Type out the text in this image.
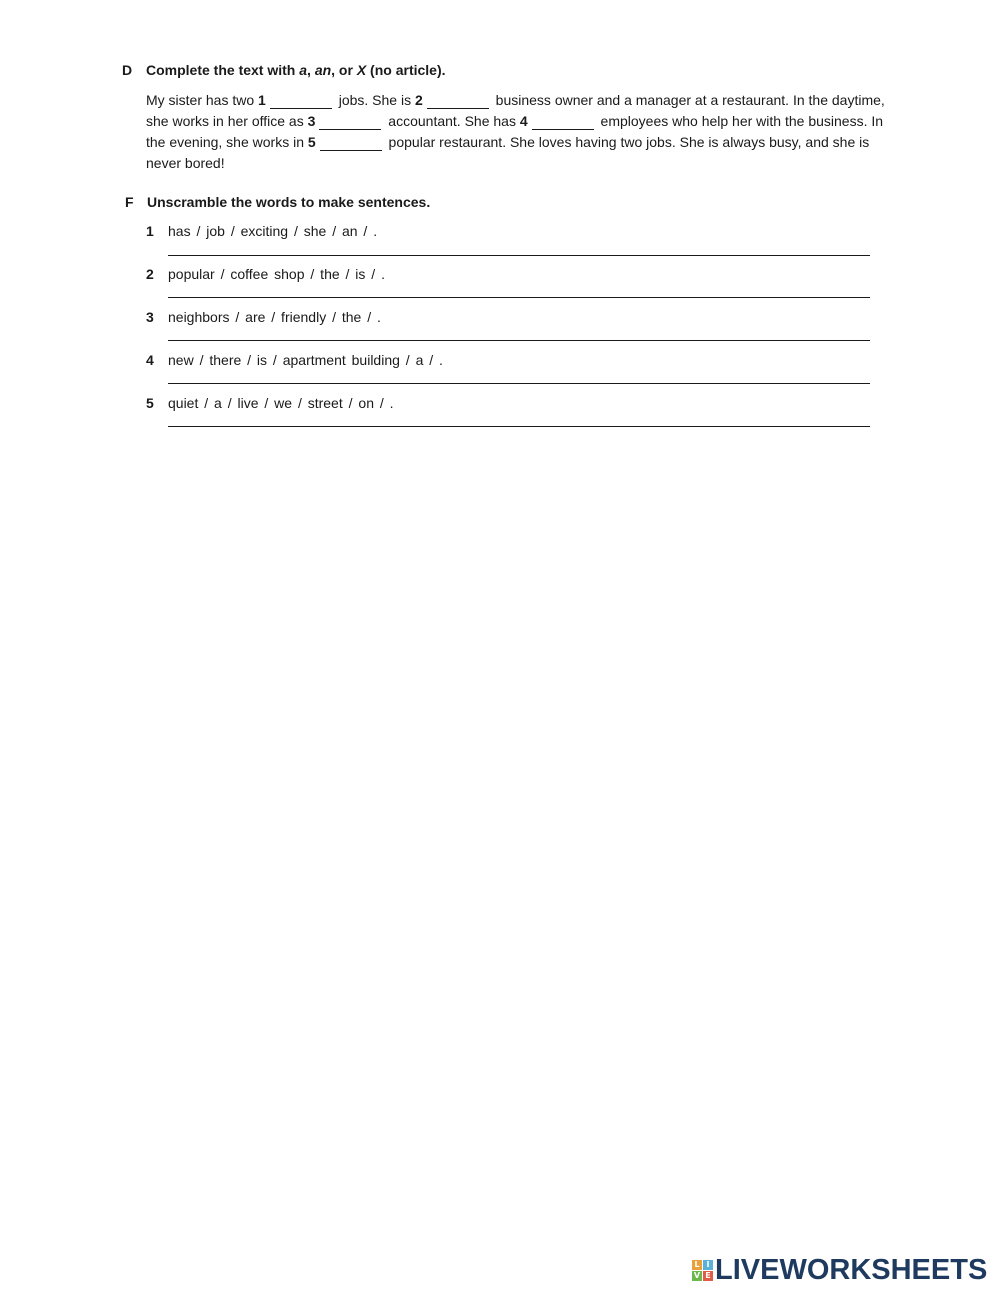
D Complete the text with a, an, or X (no article).
My sister has two 1	jobs. She is 2	business owner and a manager at a restaurant. In the daytime, she works in her office as 3	accountant. She has 4	employees who help her with the business. In the evening, she works in 5	popular restaurant. She loves having two jobs. She is always busy, and she is never bored!
F Unscramble the words to make sentences.
1 has / job / exciting / she / an / .
2 popular / coffee shop / the / is / .
3 neighbors / are / friendly / the / .
4 new / there / is / apartment building / a / .
5 quiet / a / live / we / street / on / .
L I
V E LIVEWORKSHEETS
